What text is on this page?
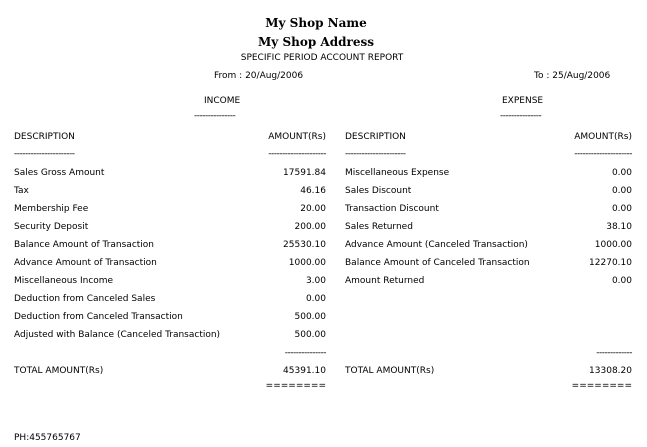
My Shop Name
My Shop Address
SPECIFIC PERIOD ACCOUNT REPORT
From : 20/Aug/2006	To : 25/Aug/2006
INCOME
---------------
EXPENSE
---------------
DESCRIPTION	AMOUNT(Rs)
----------------------	---------------------
DESCRIPTION	AMOUNT(Rs)
----------------------	---------------------
Sales Gross Amount	17591.84
Tax	46.16
Membership Fee	20.00
Security Deposit	200.00
Balance Amount of Transaction	25530.10
Advance Amount of Transaction	1000.00
Miscellaneous Income	3.00
Deduction from Canceled Sales	0.00
Deduction from Canceled Transaction	500.00
Adjusted with Balance (Canceled Transaction)	500.00
Miscellaneous Expense	0.00
Sales Discount	0.00
Transaction Discount	0.00
Sales Returned	38.10
Advance Amount (Canceled Transaction)	1000.00
Balance Amount of Canceled Transaction	12270.10
Amount Returned	0.00
---------------
TOTAL AMOUNT(Rs)	45391.10
========
-------------
TOTAL AMOUNT(Rs)	13308.20
========
PH:455765767
